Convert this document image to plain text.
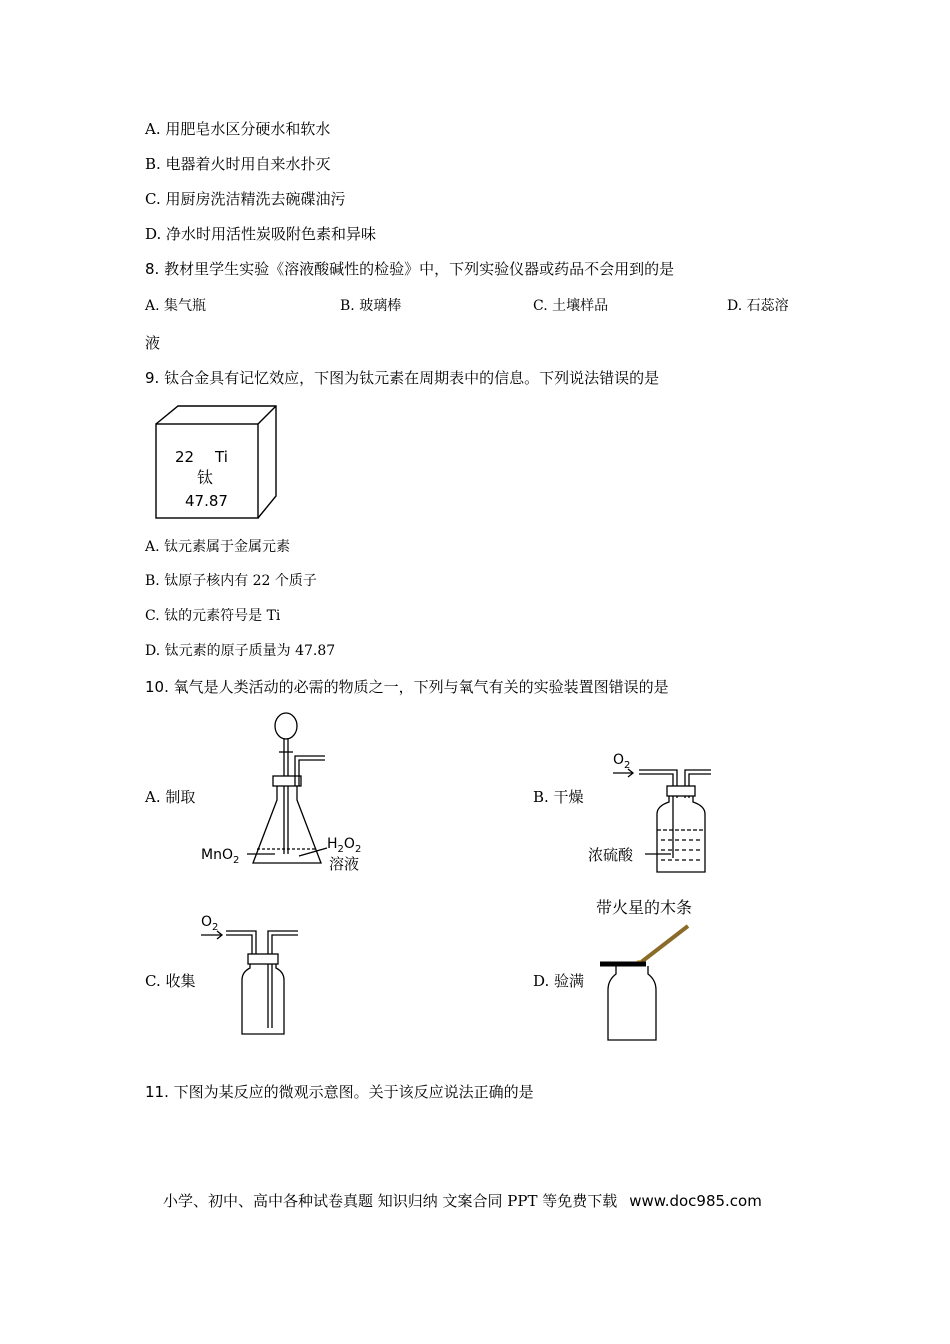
A. 用肥皂水区分硬水和软水
B. 电器着火时用自来水扑灭
C. 用厨房洗洁精洗去碗碟油污
D. 净水时用活性炭吸附色素和异味
8. 教材里学生实验《溶液酸碱性的检验》中，下列实验仪器或药品不会用到的是
A. 集气瓶	B. 玻璃棒	C. 土壤样品	D. 石蕊溶
液
9. 钛合金具有记忆效应，下图为钛元素在周期表中的信息。下列说法错误的是
22 Ti
钛
47.87
A. 钛元素属于金属元素
B. 钛原子核内有 22 个质子
C. 钛的元素符号是 Ti
D. 钛元素的原子质量为 47.87
10. 氧气是人类活动的必需的物质之一，下列与氧气有关的实验装置图错误的是
A. 制取	B. 干燥
C. 收集	D. 验满
MnO$_2$
$H_2O_2$
溶液
$O_2$
浓硫酸
$O_2$
带火星的木条
11. 下图为某反应的微观示意图。关于该反应说法正确的是
小学、初中、高中各种试卷真题 知识归纳 文案合同 PPT 等免费下载 www.doc985.com
